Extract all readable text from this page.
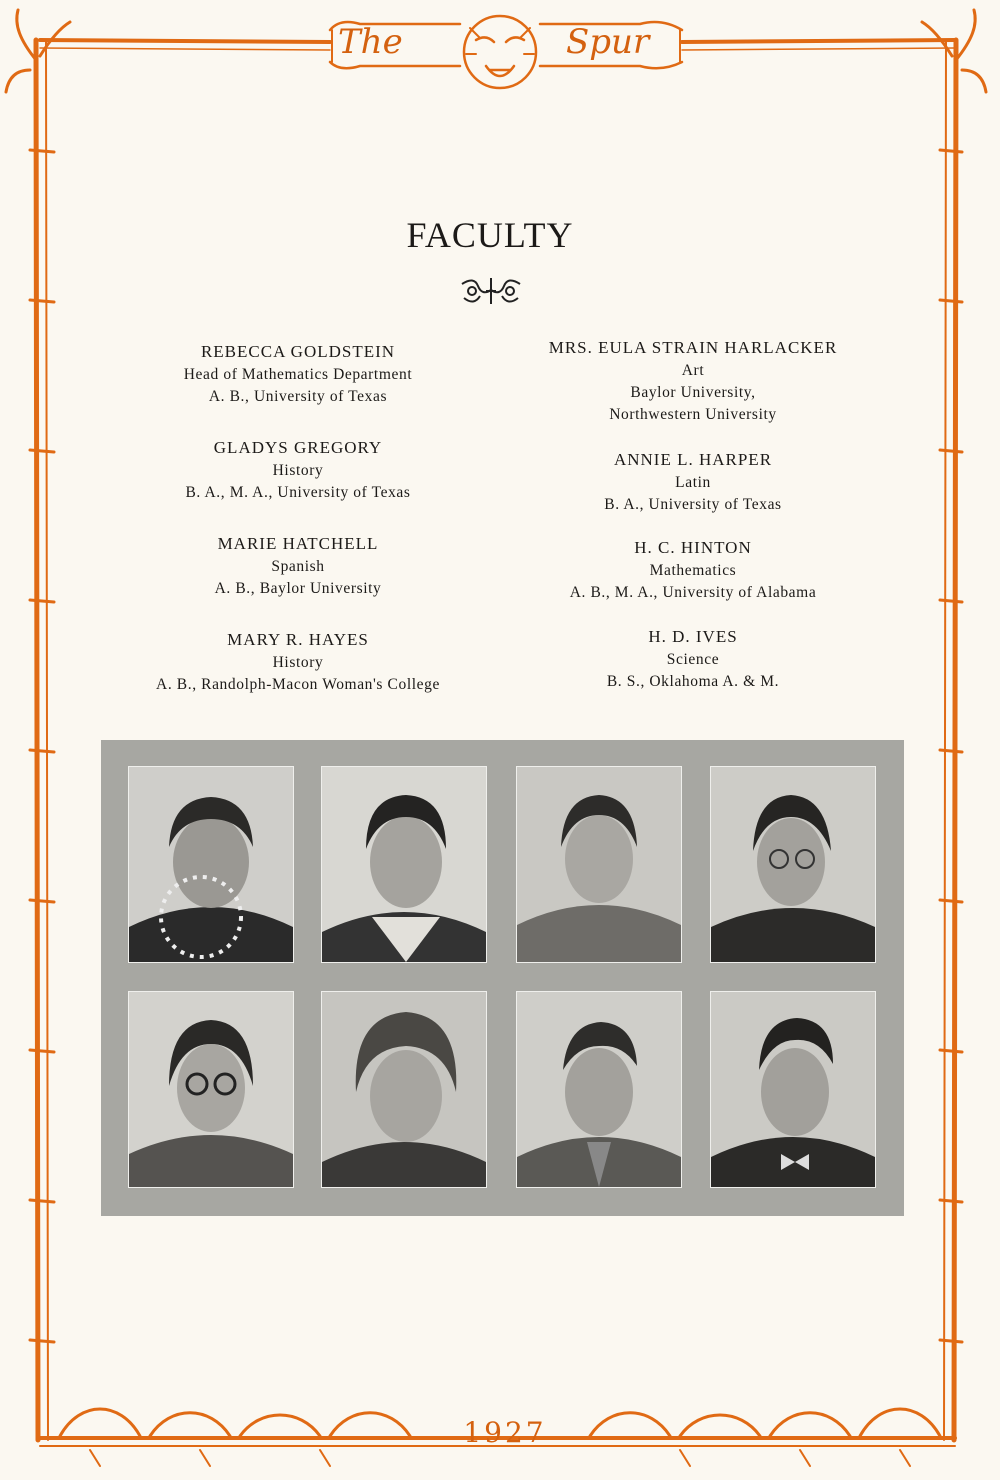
The	Spur
FACULTY
REBECCA GOLDSTEIN
Head of Mathematics Department
A. B., University of Texas
GLADYS GREGORY
History
B. A., M. A., University of Texas
MARIE HATCHELL
Spanish
A. B., Baylor University
MARY R. HAYES
History
A. B., Randolph-Macon Woman's College
MRS. EULA STRAIN HARLACKER
Art
Baylor University,
Northwestern University
ANNIE L. HARPER
Latin
B. A., University of Texas
H. C. HINTON
Mathematics
A. B., M. A., University of Alabama
H. D. IVES
Science
B. S., Oklahoma A. & M.
1927
